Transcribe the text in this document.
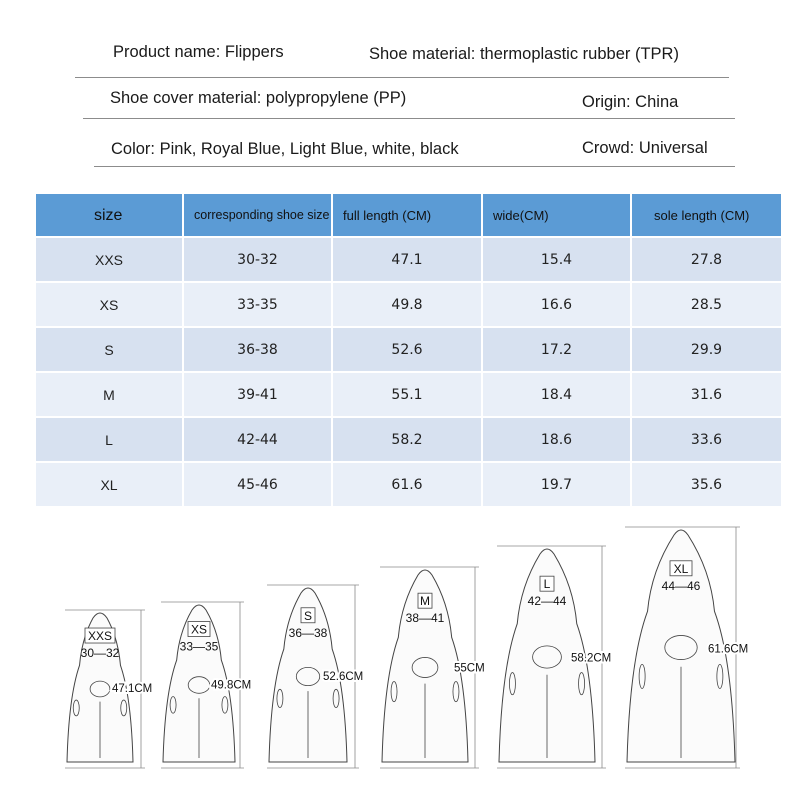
Product name: Flippers	Shoe material: thermoplastic rubber (TPR)
Shoe cover material: polypropylene (PP)	Origin: China
Color: Pink, Royal Blue, Light Blue, white, black	Crowd: Universal
size	corresponding shoe size	full length (CM)	wide(CM)	sole length (CM)
XXS	30-32	47.1	15.4	27.8
XS	33-35	49.8	16.6	28.5
S	36-38	52.6	17.2	29.9
M	39-41	55.1	18.4	31.6
L	42-44	58.2	18.6	33.6
XL	45-46	61.6	19.7	35.6
XXS
30—32
47.1CM
XS
33—35
49.8CM
S
36—38
52.6CM
M
38—41
55CM
L
42—44
58.2CM
XL
44—46
61.6CM
